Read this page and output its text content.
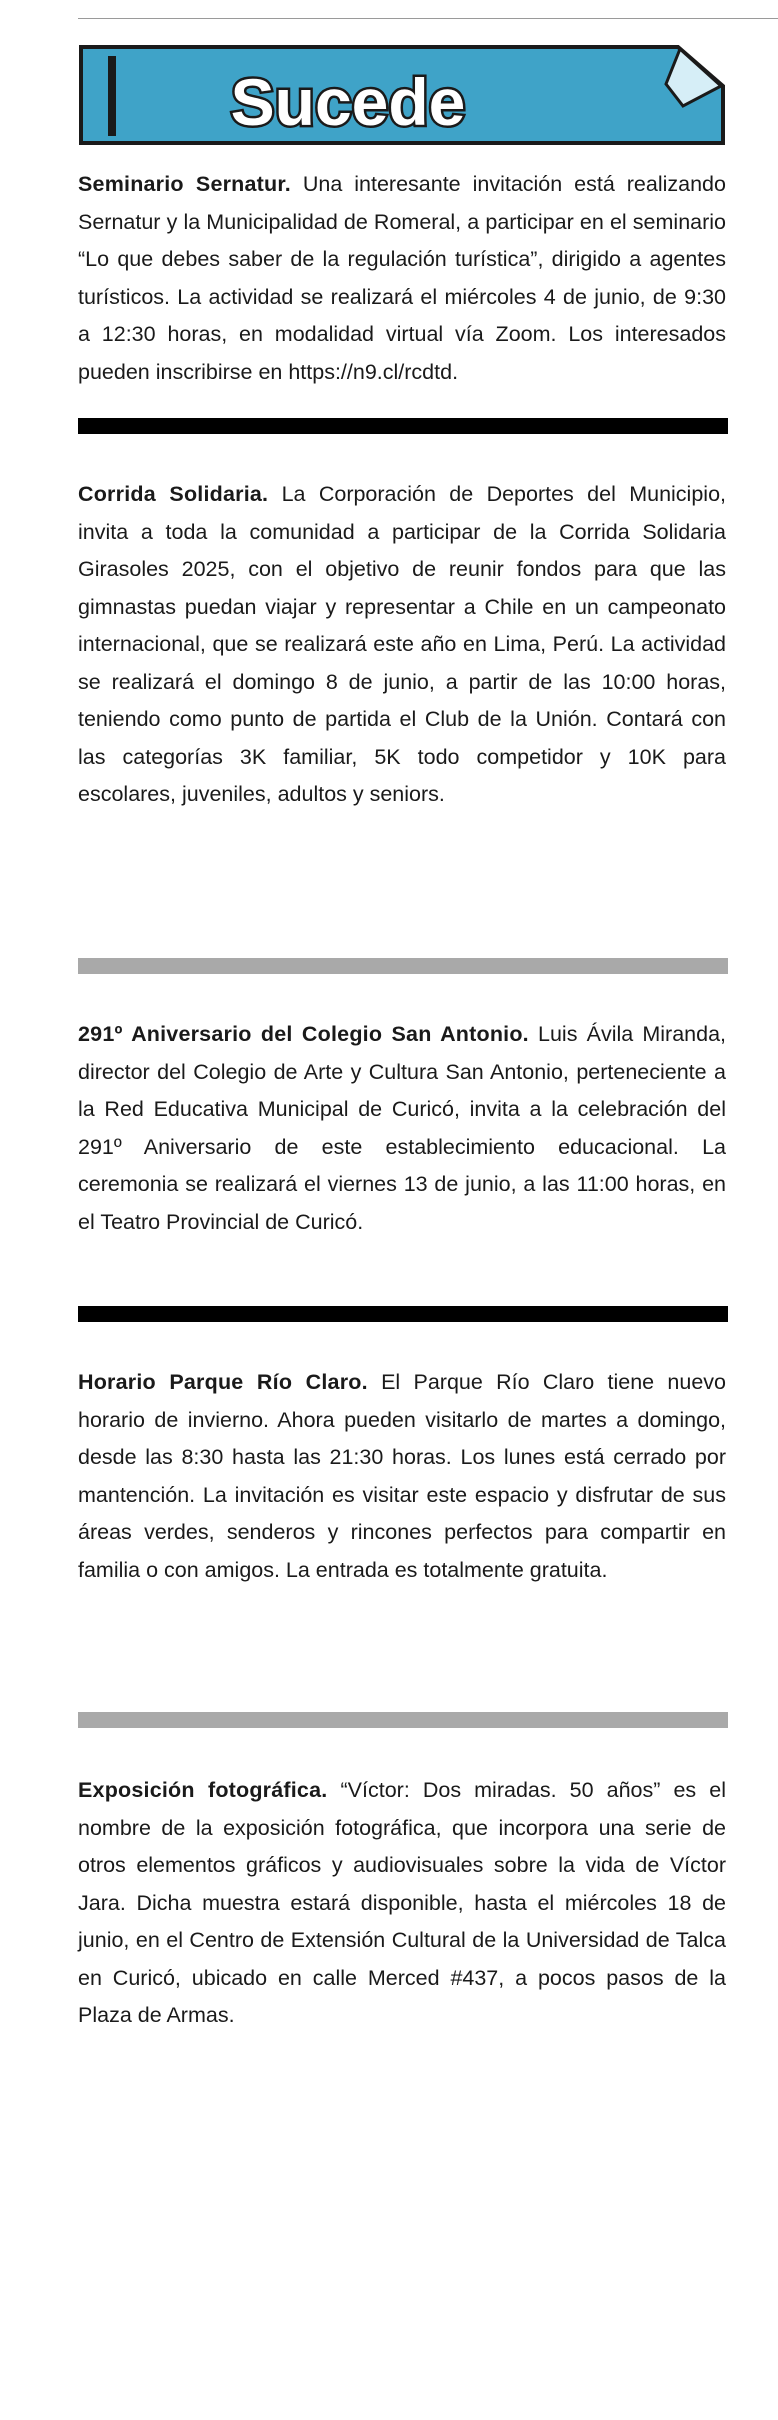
Sucede

Seminario Sernatur. Una interesante invitación está realizando Sernatur y la Municipalidad de Romeral, a participar en el seminario “Lo que debes saber de la regulación turística”, dirigido a agentes turísticos. La actividad se realizará el miércoles 4 de junio, de 9:30 a 12:30 horas, en modalidad virtual vía Zoom. Los interesados pueden inscribirse en https://n9.cl/rcdtd.

Corrida Solidaria. La Corporación de Deportes del Municipio, invita a toda la comunidad a participar de la Corrida Solidaria Girasoles 2025, con el objetivo de reunir fondos para que las gimnastas puedan viajar y representar a Chile en un campeonato internacional, que se realizará este año en Lima, Perú. La actividad se realizará el domingo 8 de junio, a partir de las 10:00 horas, teniendo como punto de partida el Club de la Unión. Contará con las categorías 3K familiar, 5K todo competidor y 10K para escolares, juveniles, adultos y seniors.

291º Aniversario del Colegio San Antonio. Luis Ávila Miranda, director del Colegio de Arte y Cultura San Antonio, perteneciente a la Red Educativa Municipal de Curicó, invita a la celebración del 291º Aniversario de este establecimiento educacional. La ceremonia se realizará el viernes 13 de junio, a las 11:00 horas, en el Teatro Provincial de Curicó.

Horario Parque Río Claro. El Parque Río Claro tiene nuevo horario de invierno. Ahora pueden visitarlo de martes a domingo, desde las 8:30 hasta las 21:30 horas. Los lunes está cerrado por mantención. La invitación es visitar este espacio y disfrutar de sus áreas verdes, senderos y rincones perfectos para compartir en familia o con amigos. La entrada es totalmente gratuita.

Exposición fotográfica. “Víctor: Dos miradas. 50 años” es el nombre de la exposición fotográfica, que incorpora una serie de otros elementos gráficos y audiovisuales sobre la vida de Víctor Jara. Dicha muestra estará disponible, hasta el miércoles 18 de junio, en el Centro de Extensión Cultural de la Universidad de Talca en Curicó, ubicado en calle Merced #437, a pocos pasos de la Plaza de Armas.
